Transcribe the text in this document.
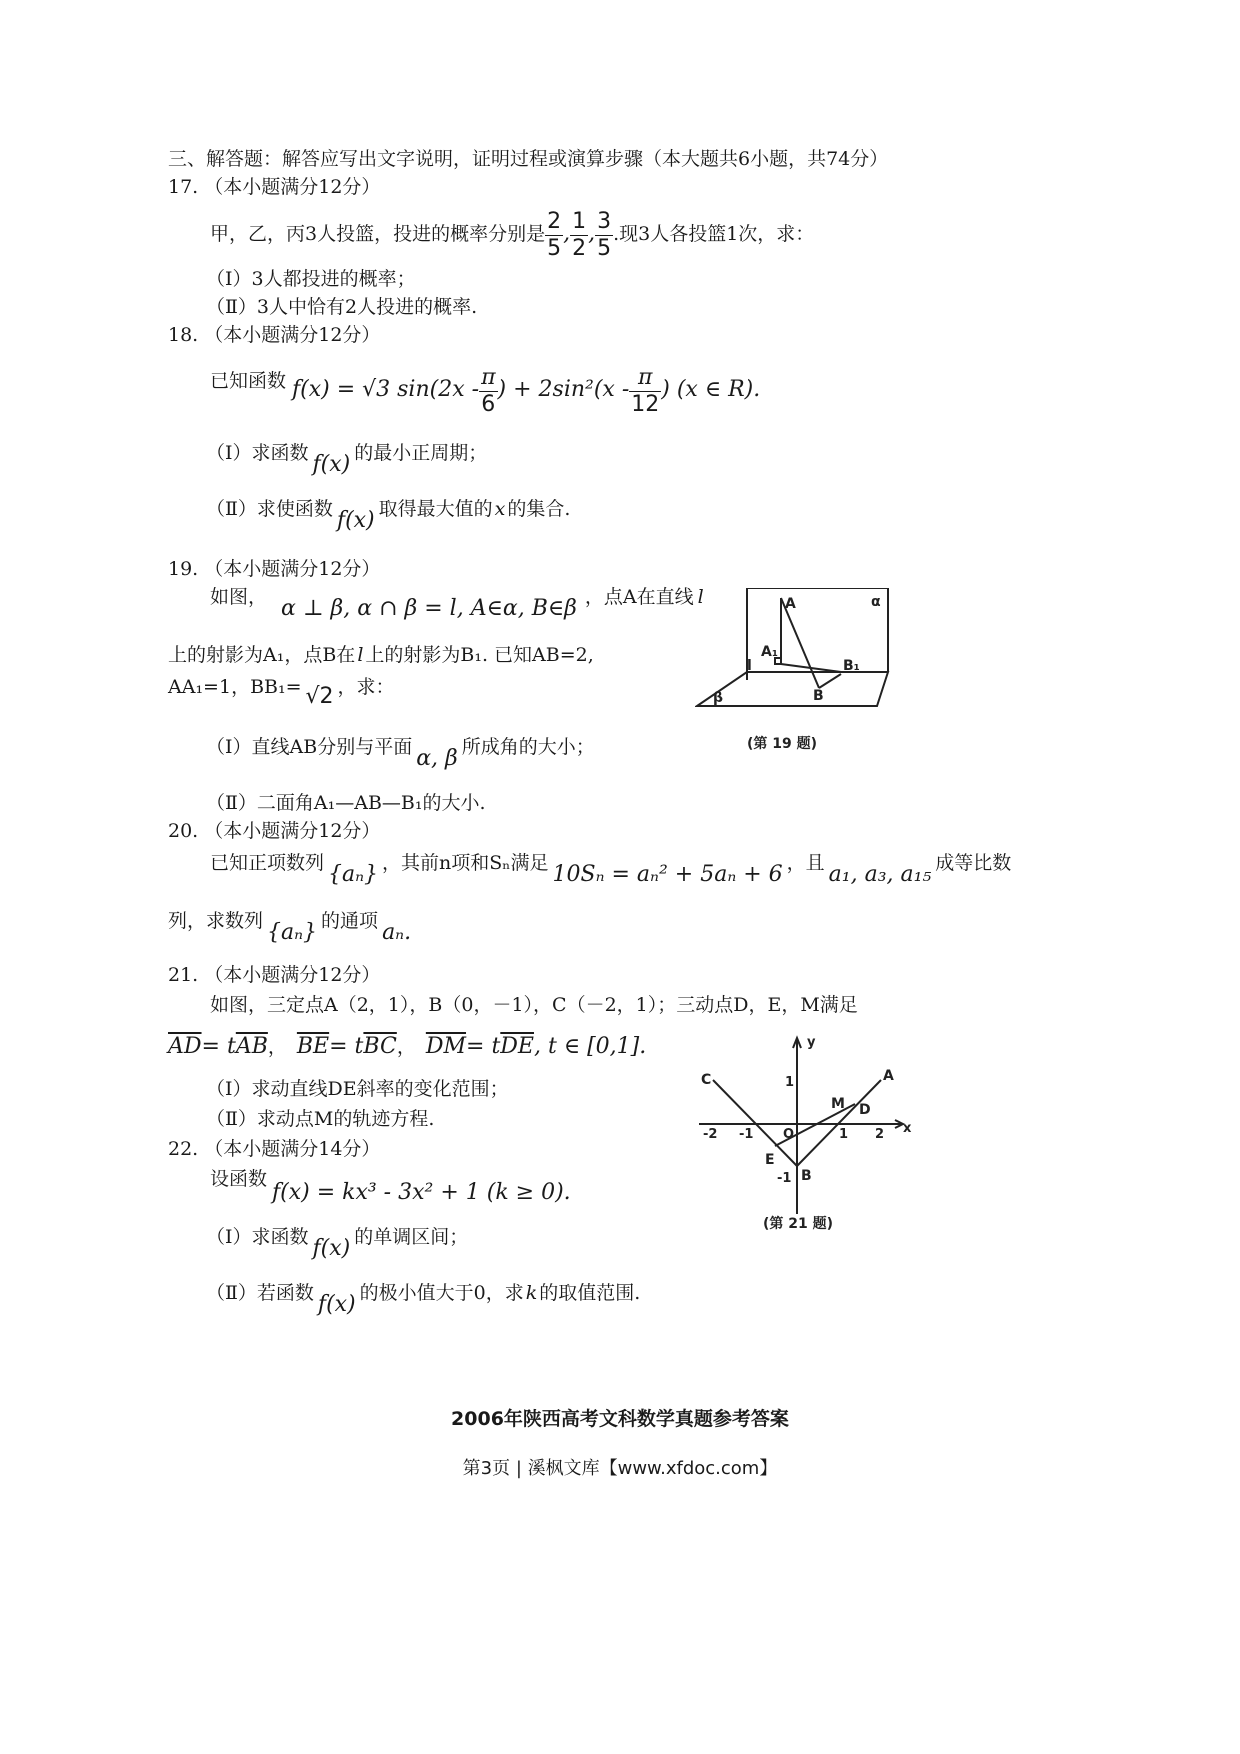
三、解答题：解答应写出文字说明，证明过程或演算步骤（本大题共6小题，共74分）
17. （本小题满分12分）
甲，乙，丙3人投篮，投进的概率分别是 $\frac{2}{5}$ , $\frac{1}{2}$ , $\frac{3}{5}$ .现3人各投篮1次，求：
（Ⅰ）3人都投进的概率；
（Ⅱ）3人中恰有2人投进的概率.
18. （本小题满分12分）
已知函数 f(x) = √3 $\sin(2x - \frac{\pi}{6}$ ) + $2\sin^2(x - \frac{\pi}{12}$ ) (x ∈ R).
（Ⅰ）求函数 f(x) 的最小正周期；
（Ⅱ）求使函数 f(x) 取得最大值的 x 的集合.
19. （本小题满分12分）
如图， α ⊥ β, α ∩ β = l, A∈α, B∈β ，点A在直线 l
上的射影为A₁，点B在 l 上的射影为B₁. 已知AB=2,
AA₁=1，BB₁= √2 ，求：
（Ⅰ）直线AB分别与平面 α, β 所成角的大小；
（Ⅱ）二面角A₁—AB—B₁的大小.
α
A
A₁
l	B₁
B
β
(第 19 题)
20. （本小题满分12分）
已知正项数列 {aₙ} ，其前n项和Sₙ满足 10Sₙ = aₙ² + 5aₙ + 6 ，且 a₁, a₃, a₁₅ 成等比数
列，求数列 {aₙ} 的通项 aₙ.
21. （本小题满分12分）
如图，三定点A（2，1），B（0，－1），C（－2，1）；三动点D，E，M满足
$\overline{AD}= t\overline{AB}$， $\overline{BE}= t\overline{BC}$， $\overline{DM}= t\overline{DE}$, t ∈ [0,1].
（Ⅰ）求动直线DE斜率的变化范围；
（Ⅱ）求动点M的轨迹方程.
y
x
C	A
1
M D
-2 -1 O	1 2
E
-1 B
(第 21 题)
22. （本小题满分14分）
设函数
f(x) = kx³ - 3x² + 1 (k ≥ 0).
（Ⅰ）求函数 f(x) 的单调区间；
（Ⅱ）若函数 f(x) 的极小值大于0，求 k 的取值范围.
2006年陕西高考文科数学真题参考答案
第3页 | 溪枫文库【www.xfdoc.com】
